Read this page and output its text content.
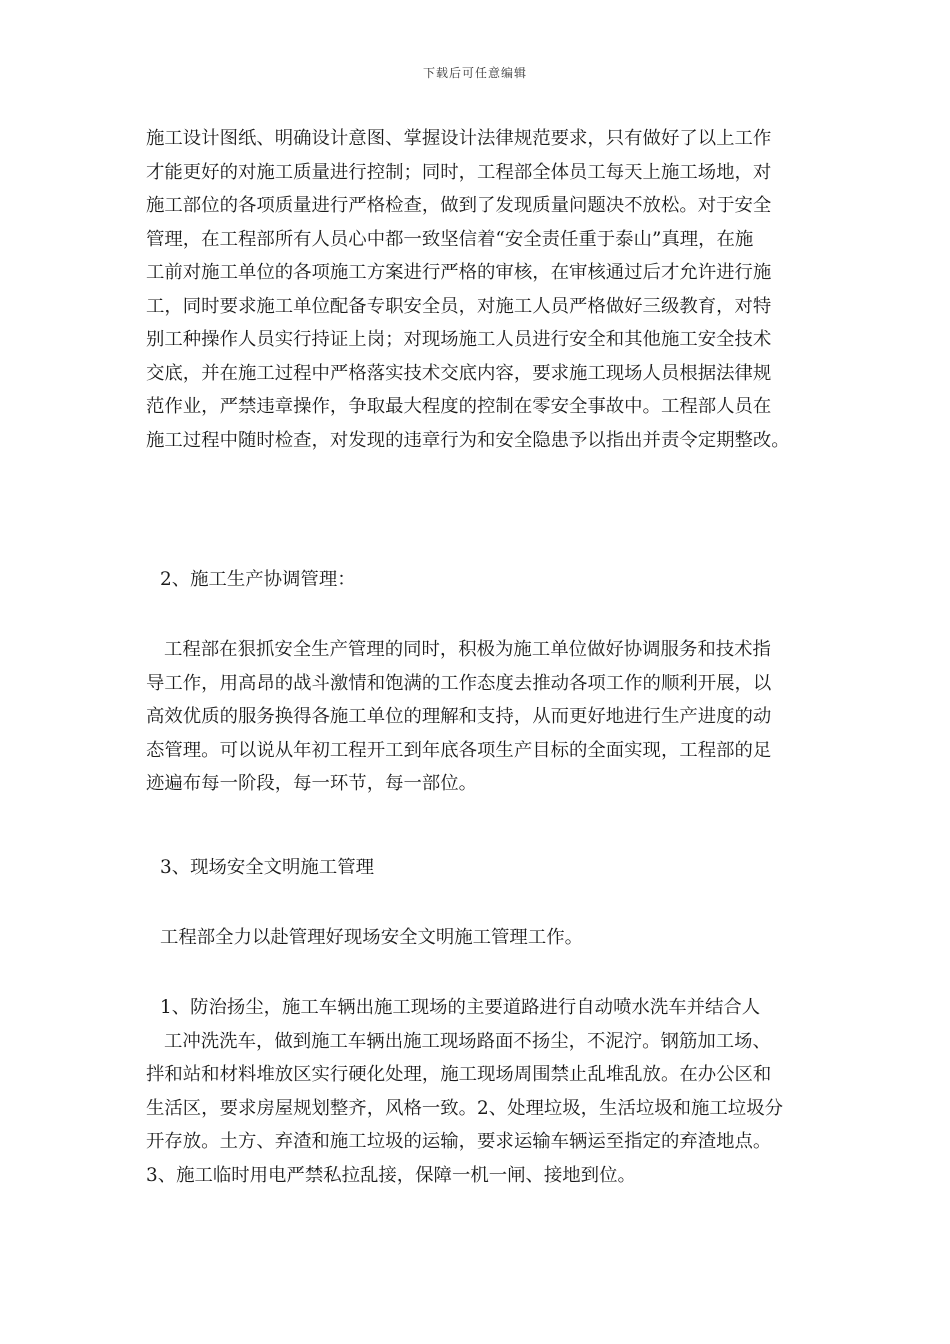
下载后可任意编辑
施工设计图纸、明确设计意图、掌握设计法律规范要求，只有做好了以上工作
才能更好的对施工质量进行控制；同时，工程部全体员工每天上施工场地，对
施工部位的各项质量进行严格检查，做到了发现质量问题决不放松。对于安全
管理，在工程部所有人员心中都一致坚信着“安全责任重于泰山”真理，在施
工前对施工单位的各项施工方案进行严格的审核，在审核通过后才允许进行施
工，同时要求施工单位配备专职安全员，对施工人员严格做好三级教育，对特
别工种操作人员实行持证上岗；对现场施工人员进行安全和其他施工安全技术
交底，并在施工过程中严格落实技术交底内容，要求施工现场人员根据法律规
范作业，严禁违章操作，争取最大程度的控制在零安全事故中。工程部人员在
施工过程中随时检查，对发现的违章行为和安全隐患予以指出并责令定期整改。
2、施工生产协调管理：
工程部在狠抓安全生产管理的同时，积极为施工单位做好协调服务和技术指
导工作，用高昂的战斗激情和饱满的工作态度去推动各项工作的顺利开展，以
高效优质的服务换得各施工单位的理解和支持，从而更好地进行生产进度的动
态管理。可以说从年初工程开工到年底各项生产目标的全面实现，工程部的足
迹遍布每一阶段，每一环节，每一部位。
3、现场安全文明施工管理
工程部全力以赴管理好现场安全文明施工管理工作。
1、防治扬尘，施工车辆出施工现场的主要道路进行自动喷水洗车并结合人
工冲洗洗车，做到施工车辆出施工现场路面不扬尘，不泥泞。钢筋加工场、
拌和站和材料堆放区实行硬化处理，施工现场周围禁止乱堆乱放。在办公区和
生活区，要求房屋规划整齐，风格一致。2、处理垃圾，生活垃圾和施工垃圾分
开存放。土方、弃渣和施工垃圾的运输，要求运输车辆运至指定的弃渣地点。
3、施工临时用电严禁私拉乱接，保障一机一闸、接地到位。
